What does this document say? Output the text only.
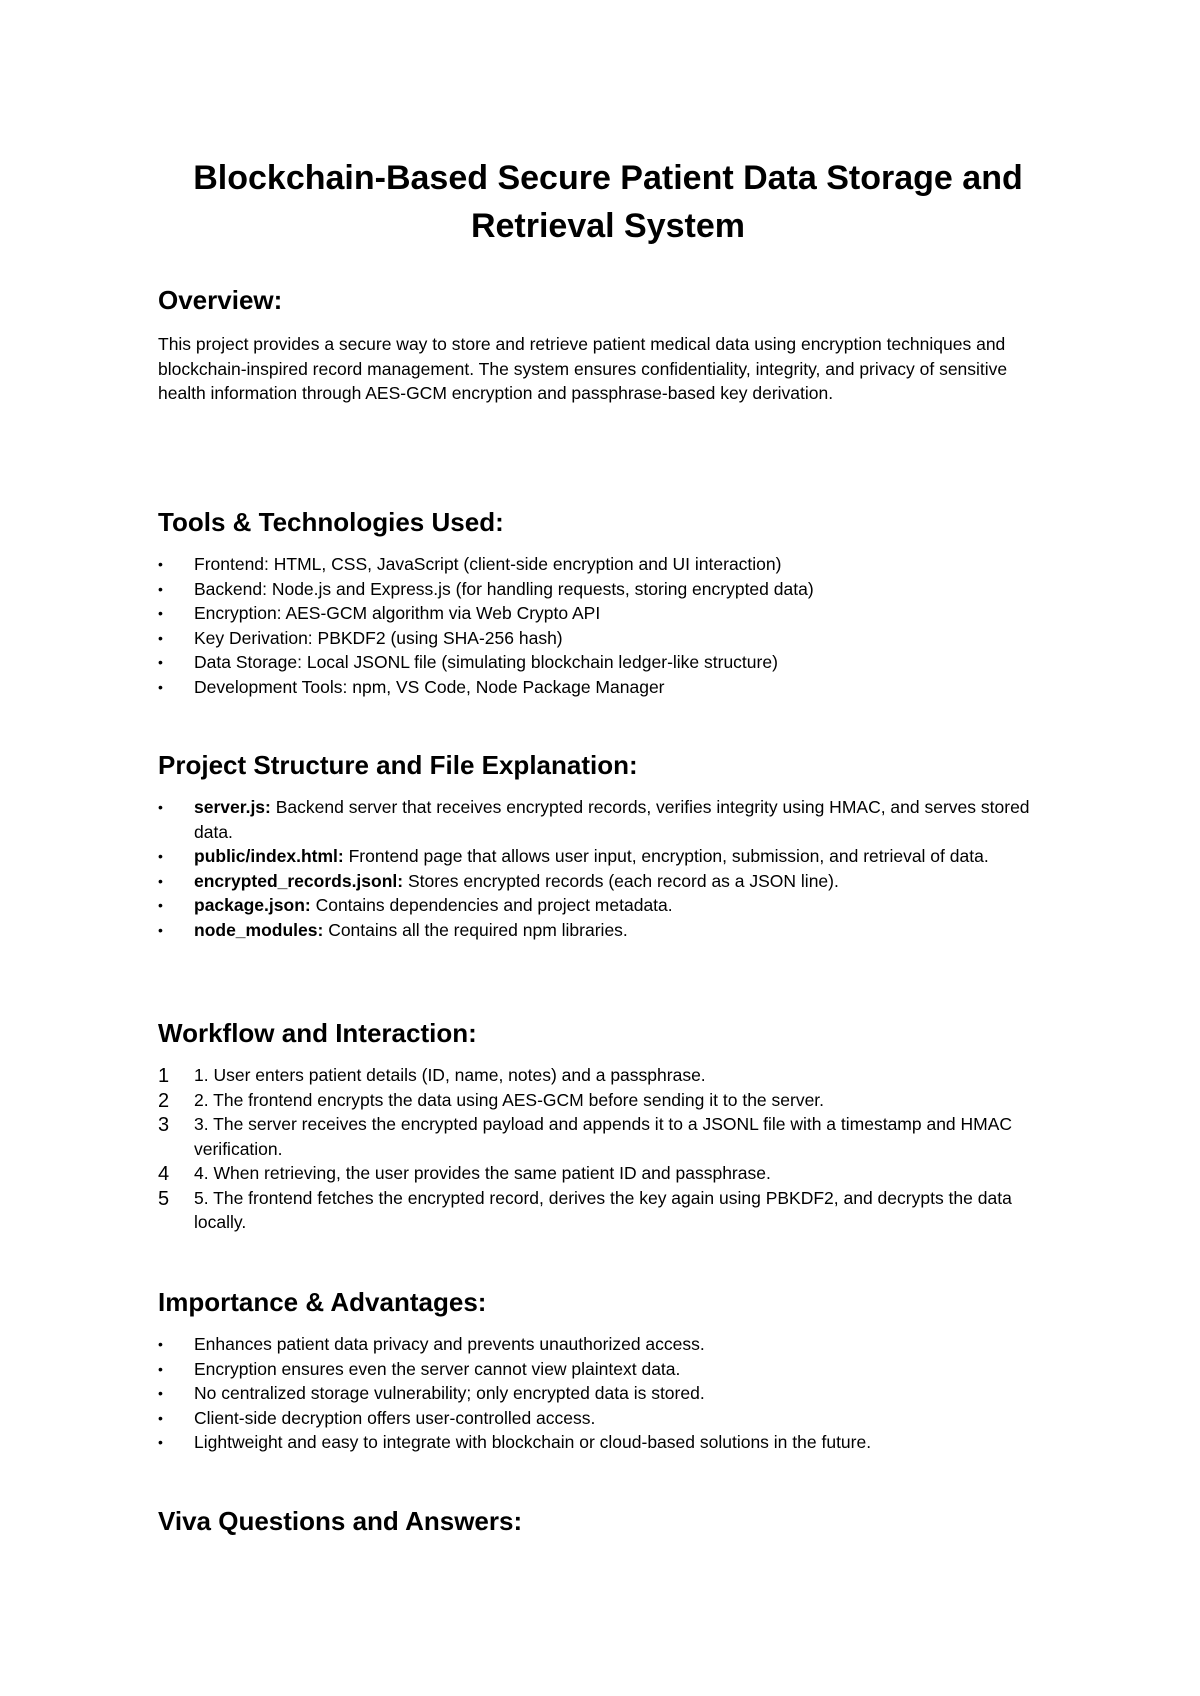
Blockchain-Based Secure Patient Data Storage and Retrieval System
Overview:

This project provides a secure way to store and retrieve patient medical data using encryption techniques and blockchain-inspired record management. The system ensures confidentiality, integrity, and privacy of sensitive health information through AES-GCM encryption and passphrase-based key derivation.

Tools & Technologies Used:
•	Frontend: HTML, CSS, JavaScript (client-side encryption and UI interaction)
•	Backend: Node.js and Express.js (for handling requests, storing encrypted data)
•	Encryption: AES-GCM algorithm via Web Crypto API
•	Key Derivation: PBKDF2 (using SHA-256 hash)
•	Data Storage: Local JSONL file (simulating blockchain ledger-like structure)
•	Development Tools: npm, VS Code, Node Package Manager
Project Structure and File Explanation:
•	server.js: Backend server that receives encrypted records, verifies integrity using HMAC, and serves stored data.
•	public/index.html: Frontend page that allows user input, encryption, submission, and retrieval of data.
•	encrypted_records.jsonl: Stores encrypted records (each record as a JSON line).
•	package.json: Contains dependencies and project metadata.
•	node_modules: Contains all the required npm libraries.
Workflow and Interaction:
1 1. User enters patient details (ID, name, notes) and a passphrase.
2 2. The frontend encrypts the data using AES-GCM before sending it to the server.
3 3. The server receives the encrypted payload and appends it to a JSONL file with a timestamp and HMAC verification.
4 4. When retrieving, the user provides the same patient ID and passphrase.
5 5. The frontend fetches the encrypted record, derives the key again using PBKDF2, and decrypts the data locally.
Importance & Advantages:
•	Enhances patient data privacy and prevents unauthorized access.
•	Encryption ensures even the server cannot view plaintext data.
•	No centralized storage vulnerability; only encrypted data is stored.
•	Client-side decryption offers user-controlled access.
•	Lightweight and easy to integrate with blockchain or cloud-based solutions in the future.
Viva Questions and Answers:
